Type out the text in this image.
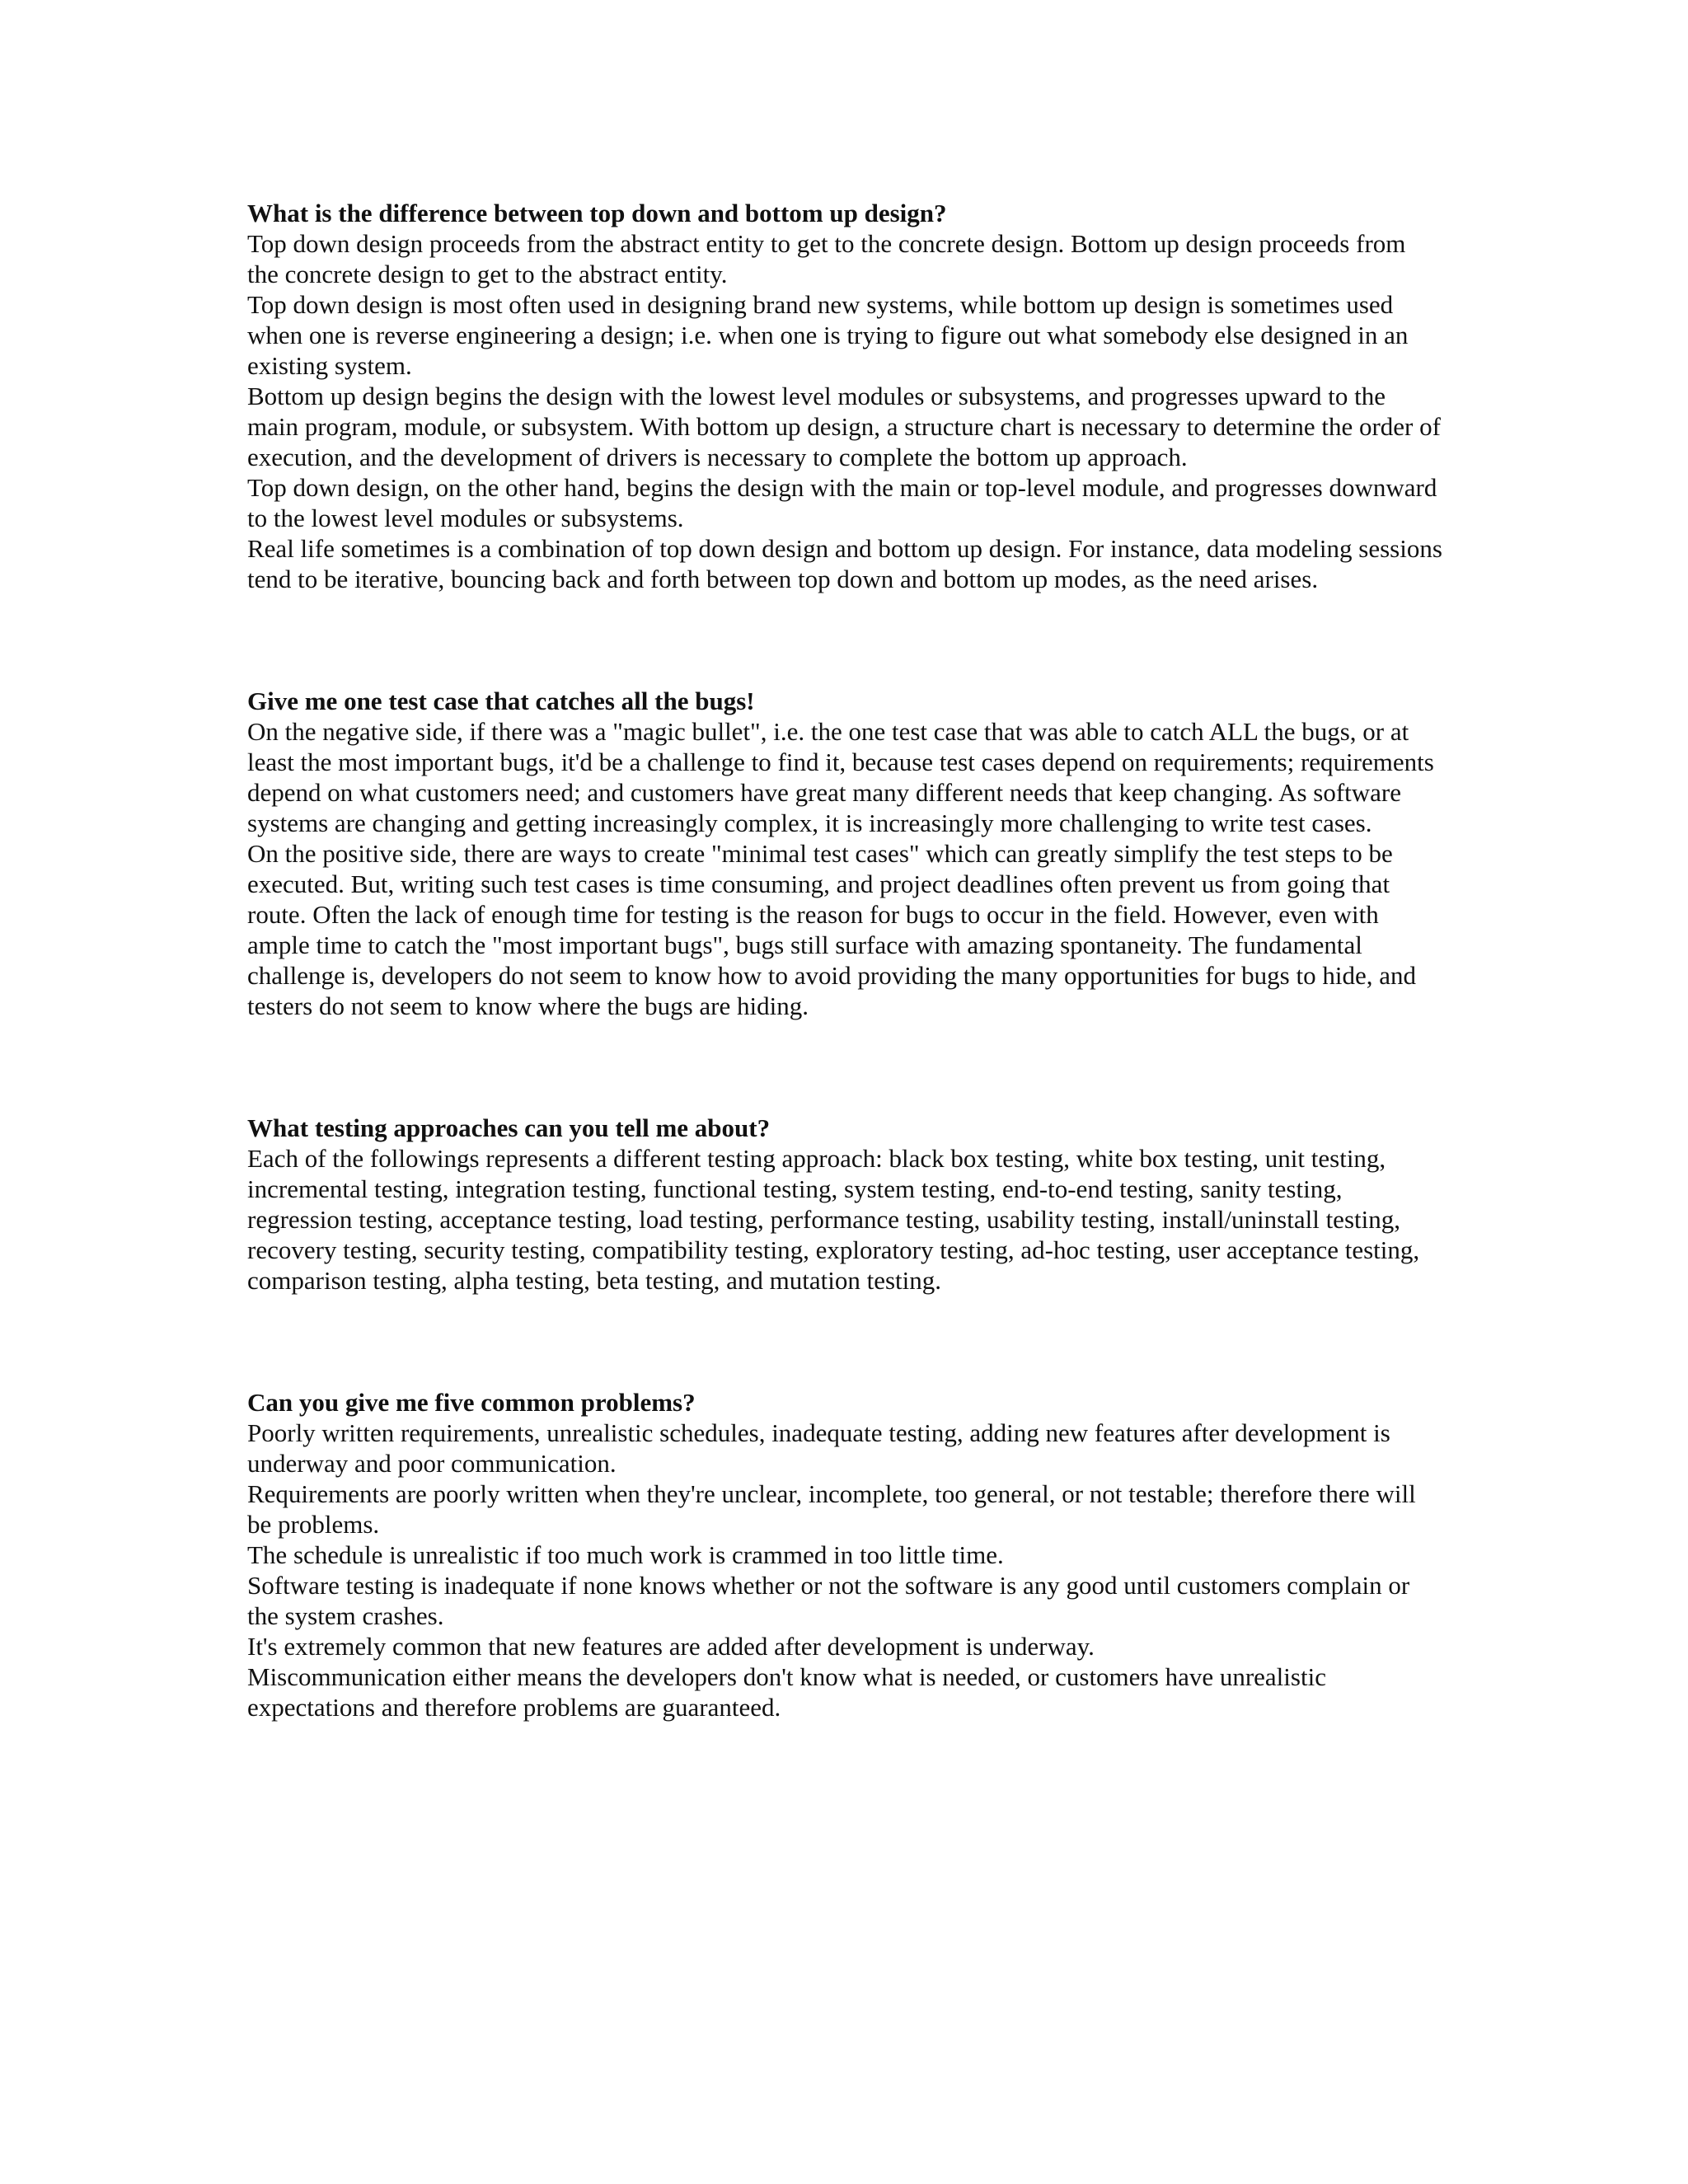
What is the difference between top down and bottom up design?

Top down design proceeds from the abstract entity to get to the concrete design. Bottom up design proceeds from the concrete design to get to the abstract entity.

Top down design is most often used in designing brand new systems, while bottom up design is sometimes used when one is reverse engineering a design; i.e. when one is trying to figure out what somebody else designed in an existing system.

Bottom up design begins the design with the lowest level modules or subsystems, and progresses upward to the main program, module, or subsystem. With bottom up design, a structure chart is necessary to determine the order of execution, and the development of drivers is necessary to complete the bottom up approach.

Top down design, on the other hand, begins the design with the main or top-level module, and progresses downward to the lowest level modules or subsystems.

Real life sometimes is a combination of top down design and bottom up design. For instance, data modeling sessions tend to be iterative, bouncing back and forth between top down and bottom up modes, as the need arises.

Give me one test case that catches all the bugs!

On the negative side, if there was a "magic bullet", i.e. the one test case that was able to catch ALL the bugs, or at least the most important bugs, it'd be a challenge to find it, because test cases depend on requirements; requirements depend on what customers need; and customers have great many different needs that keep changing. As software systems are changing and getting increasingly complex, it is increasingly more challenging to write test cases.

On the positive side, there are ways to create "minimal test cases" which can greatly simplify the test steps to be executed. But, writing such test cases is time consuming, and project deadlines often prevent us from going that route. Often the lack of enough time for testing is the reason for bugs to occur in the field. However, even with ample time to catch the "most important bugs", bugs still surface with amazing spontaneity. The fundamental challenge is, developers do not seem to know how to avoid providing the many opportunities for bugs to hide, and testers do not seem to know where the bugs are hiding.

What testing approaches can you tell me about?

Each of the followings represents a different testing approach: black box testing, white box testing, unit testing, incremental testing, integration testing, functional testing, system testing, end-to-end testing, sanity testing, regression testing, acceptance testing, load testing, performance testing, usability testing, install/uninstall testing, recovery testing, security testing, compatibility testing, exploratory testing, ad-hoc testing, user acceptance testing, comparison testing, alpha testing, beta testing, and mutation testing.

Can you give me five common problems?

Poorly written requirements, unrealistic schedules, inadequate testing, adding new features after development is underway and poor communication.

Requirements are poorly written when they're unclear, incomplete, too general, or not testable; therefore there will be problems.

The schedule is unrealistic if too much work is crammed in too little time.

Software testing is inadequate if none knows whether or not the software is any good until customers complain or the system crashes.

It's extremely common that new features are added after development is underway.

Miscommunication either means the developers don't know what is needed, or customers have unrealistic expectations and therefore problems are guaranteed.
